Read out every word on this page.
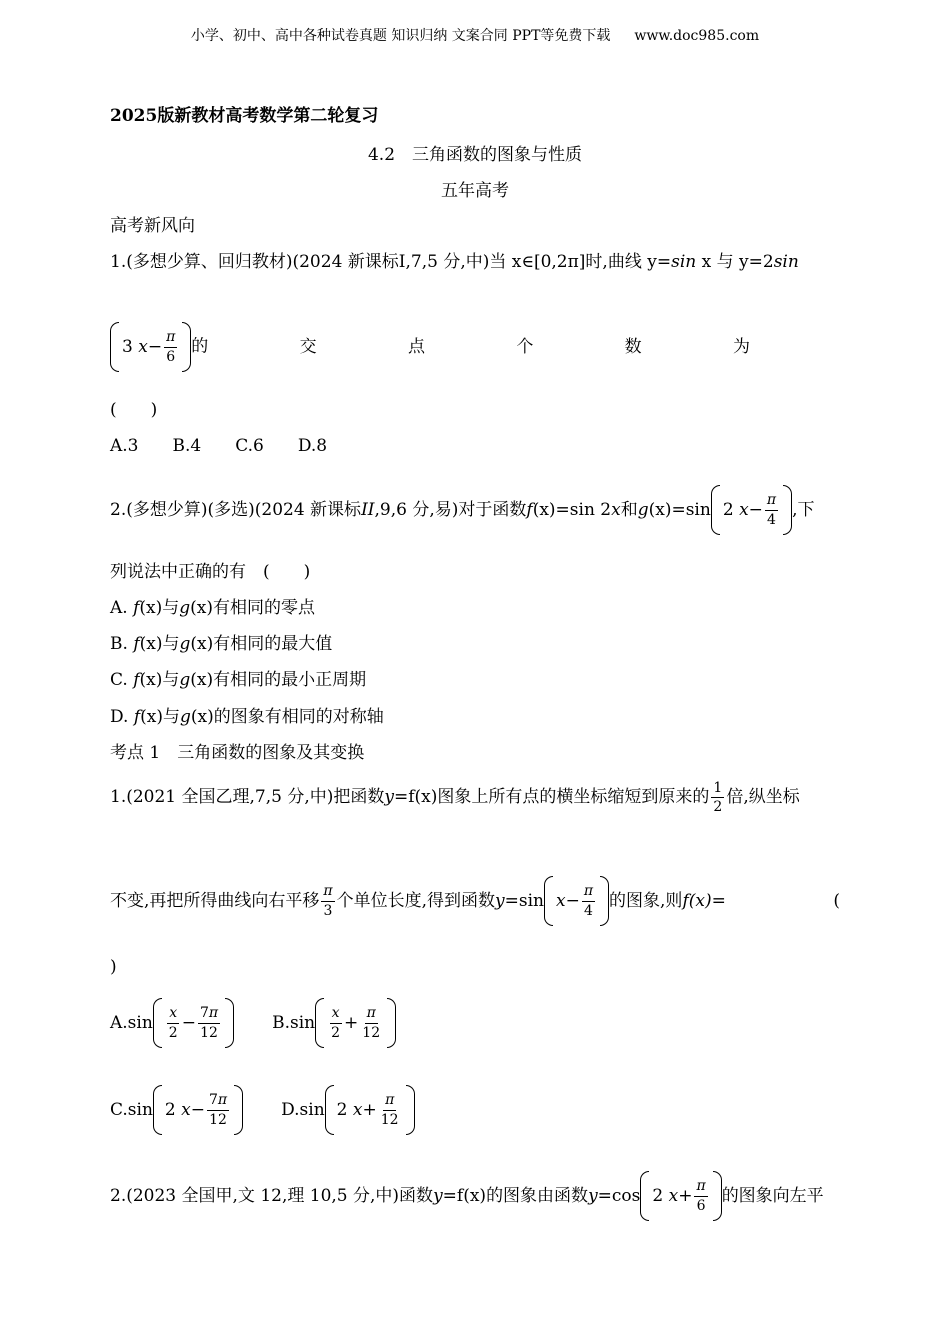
小学、初中、高中各种试卷真题 知识归纳 文案合同 PPT等免费下载 www.doc985.com
2025版新教材高考数学第二轮复习
4.2　三角函数的图象与性质
五年高考
高考新风向
1.(多想少算、回归教材)(2024 新课标Ⅰ,7,5 分,中)当 x∈[0,2π]时,曲线 y=sin x 与 y=2sin
3
$x - \frac{\pi}{6}$ 的	交	点	个	数	为
(　　)
A.3　　B.4　　C.6　　D.8
2.(多想少算)(多选)(2024 新课标 II ,9,6 分,易)对于函数 f (x) =sin 2 x 和 g (x) =sin 2
$x - \frac{\pi}{4}$ ,下
列说法中正确的有　(　　)
A. f(x)与g(x)有相同的零点
B. f(x)与g(x)有相同的最大值
C. f(x)与g(x)有相同的最小正周期
D. f(x)与g(x)的图象有相同的对称轴
考点 1　三角函数的图象及其变换
1.(2021 全国乙理,7,5 分,中)把函数 y =f(x) 图象上所有点的横坐标缩短到原来的 1
2 倍,纵坐标
不变,再把所得曲线向右平移 π
3 个单位长度,得到函数 y =sin $x - \frac{\pi}{4}$ 的图象,则 f(x)=	(
)
A.sin x
$2 - \frac{7\pi}{12}$	B.sin x
$2 + \frac{\pi}{12}$
C.sin 2
$x - \frac{7\pi}{12}$	D.sin 2
$x + \frac{\pi}{12}$
2.(2023 全国甲,文 12,理 10,5 分,中)函数 y =f(x) 的图象由函数 y =cos 2
$x + \frac{\pi}{6}$ 的图象向左平
